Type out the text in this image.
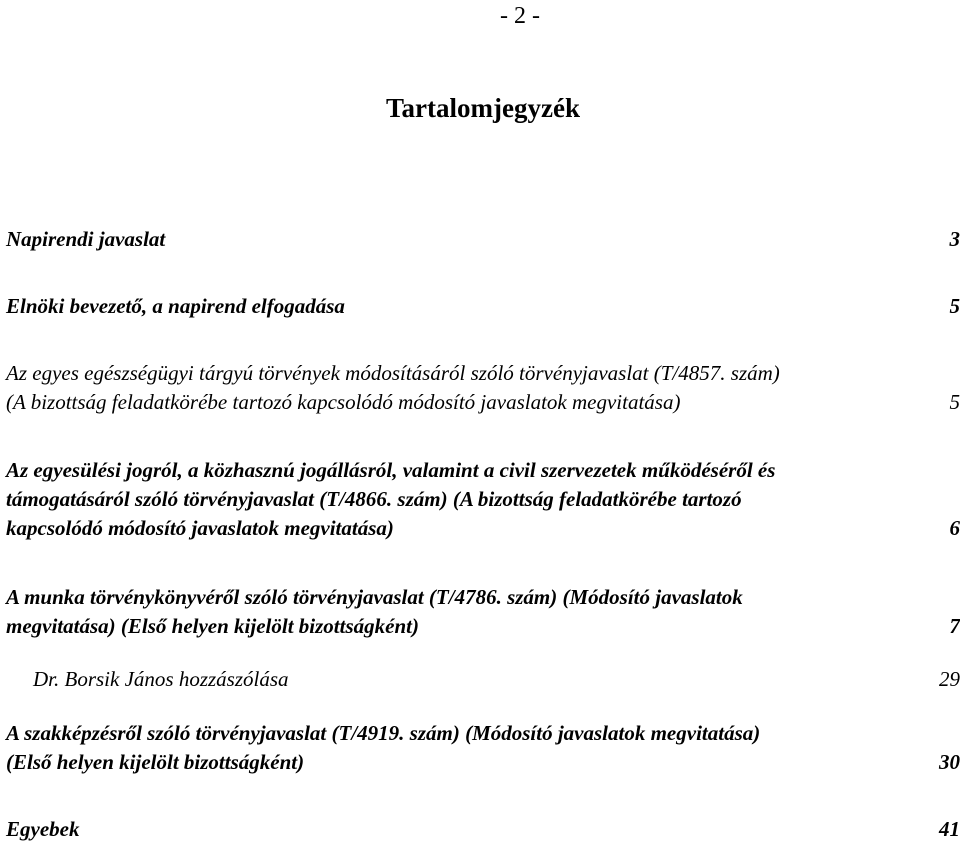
- 2 -
Tartalomjegyzék
Napirendi javaslat	3
Elnöki bevezető, a napirend elfogadása	5
Az egyes egészségügyi tárgyú törvények módosításáról szóló törvényjavaslat (T/4857. szám)
(A bizottság feladatkörébe tartozó kapcsolódó módosító javaslatok megvitatása)	5
Az egyesülési jogról, a közhasznú jogállásról, valamint a civil szervezetek működéséről és
támogatásáról szóló törvényjavaslat (T/4866. szám) (A bizottság feladatkörébe tartozó
kapcsolódó módosító javaslatok megvitatása)	6
A munka törvénykönyvéről szóló törvényjavaslat (T/4786. szám) (Módosító javaslatok
megvitatása) (Első helyen kijelölt bizottságként)	7
Dr. Borsik János hozzászólása	29
A szakképzésről szóló törvényjavaslat (T/4919. szám) (Módosító javaslatok megvitatása)
(Első helyen kijelölt bizottságként)	30
Egyebek	41
